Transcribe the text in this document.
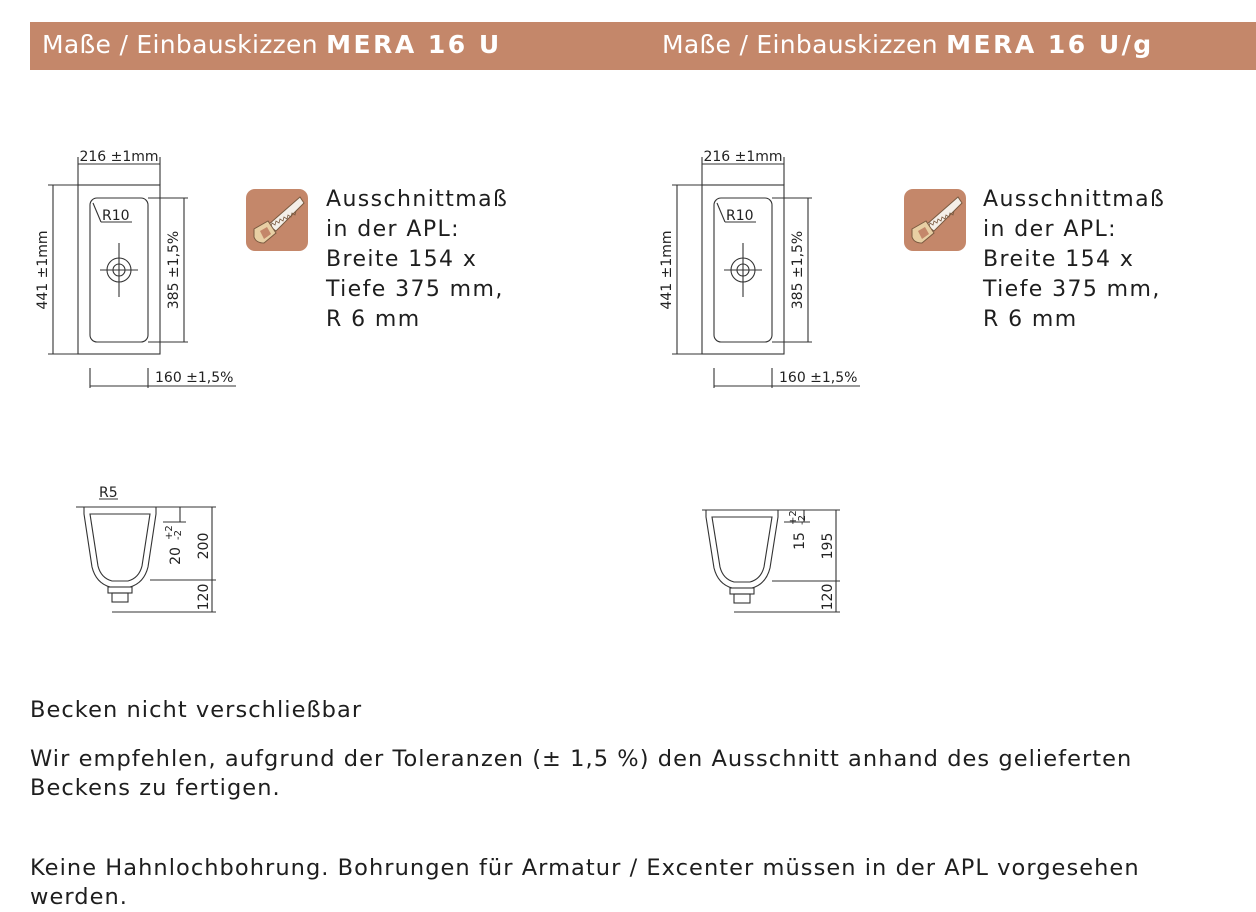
Maße / Einbauskizzen MERA 16 U	Maße / Einbauskizzen MERA 16 U/g
216 ±1mm
441 ±1mm	385 ±1,5%
160 ±1,5%
R10
R5
20
+2
-2 200
120

Ausschnittmaß
in der APL:
Breite 154 x
Tiefe 375 mm,
R 6 mm

216 ±1mm
441 ±1mm	385 ±1,5%
160 ±1,5%
R10
15
+2
-2
195
120

Ausschnittmaß
in der APL:
Breite 154 x
Tiefe 375 mm,
R 6 mm

Becken nicht verschließbar

Wir empfehlen, aufgrund der Toleranzen (± 1,5 %) den Ausschnitt anhand des gelieferten Beckens zu fertigen.

Keine Hahnlochbohrung. Bohrungen für Armatur / Excenter müssen in der APL vorgesehen werden.
